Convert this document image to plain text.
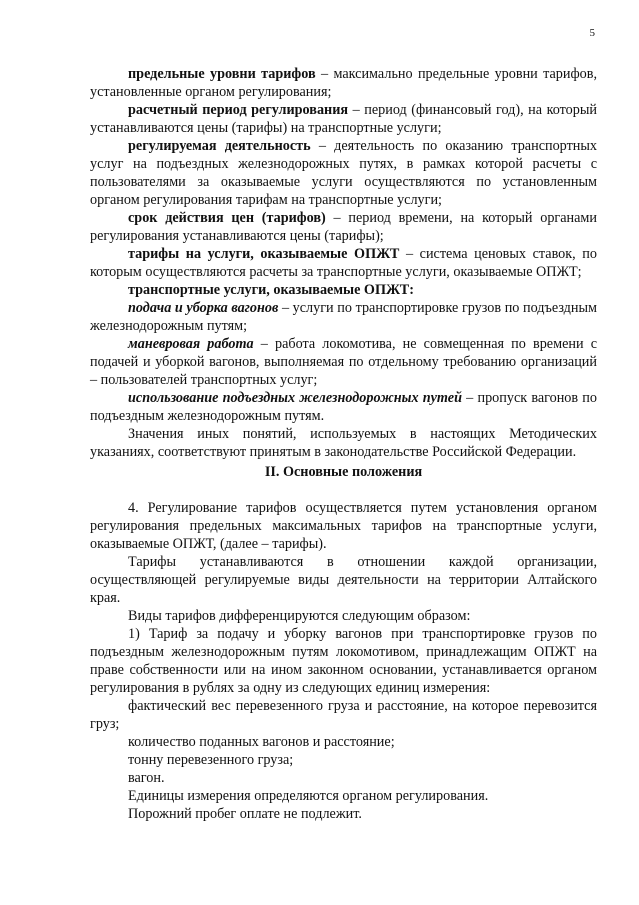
5

предельные уровни тарифов – максимально предельные уровни тарифов, установленные органом регулирования;

расчетный период регулирования – период (финансовый год), на который устанавливаются цены (тарифы) на транспортные услуги;

регулируемая деятельность – деятельность по оказанию транспортных услуг на подъездных железнодорожных путях, в рамках которой расчеты с пользователями за оказываемые услуги осуществляются по установленным органом регулирования тарифам на транспортные услуги;

срок действия цен (тарифов) – период времени, на который органами регулирования устанавливаются цены (тарифы);

тарифы на услуги, оказываемые ОПЖТ – система ценовых ставок, по которым осуществляются расчеты за транспортные услуги, оказываемые ОПЖТ;

транспортные услуги, оказываемые ОПЖТ:

подача и уборка вагонов – услуги по транспортировке грузов по подъездным железнодорожным путям;

маневровая работа – работа локомотива, не совмещенная по времени с подачей и уборкой вагонов, выполняемая по отдельному требованию организаций – пользователей транспортных услуг;

использование подъездных железнодорожных путей – пропуск вагонов по подъездным железнодорожным путям.

Значения иных понятий, используемых в настоящих Методических указаниях, соответствуют принятым в законодательстве Российской Федерации.

II. Основные положения

4. Регулирование тарифов осуществляется путем установления органом регулирования предельных максимальных тарифов на транспортные услуги, оказываемые ОПЖТ, (далее – тарифы).

Тарифы устанавливаются в отношении каждой организации, осуществляющей регулируемые виды деятельности на территории Алтайского края.

Виды тарифов дифференцируются следующим образом:

1) Тариф за подачу и уборку вагонов при транспортировке грузов по подъездным железнодорожным путям локомотивом, принадлежащим ОПЖТ на праве собственности или на ином законном основании, устанавливается органом регулирования в рублях за одну из следующих единиц измерения:

фактический вес перевезенного груза и расстояние, на которое перевозится груз;

количество поданных вагонов и расстояние;

тонну перевезенного груза;

вагон.

Единицы измерения определяются органом регулирования.

Порожний пробег оплате не подлежит.
